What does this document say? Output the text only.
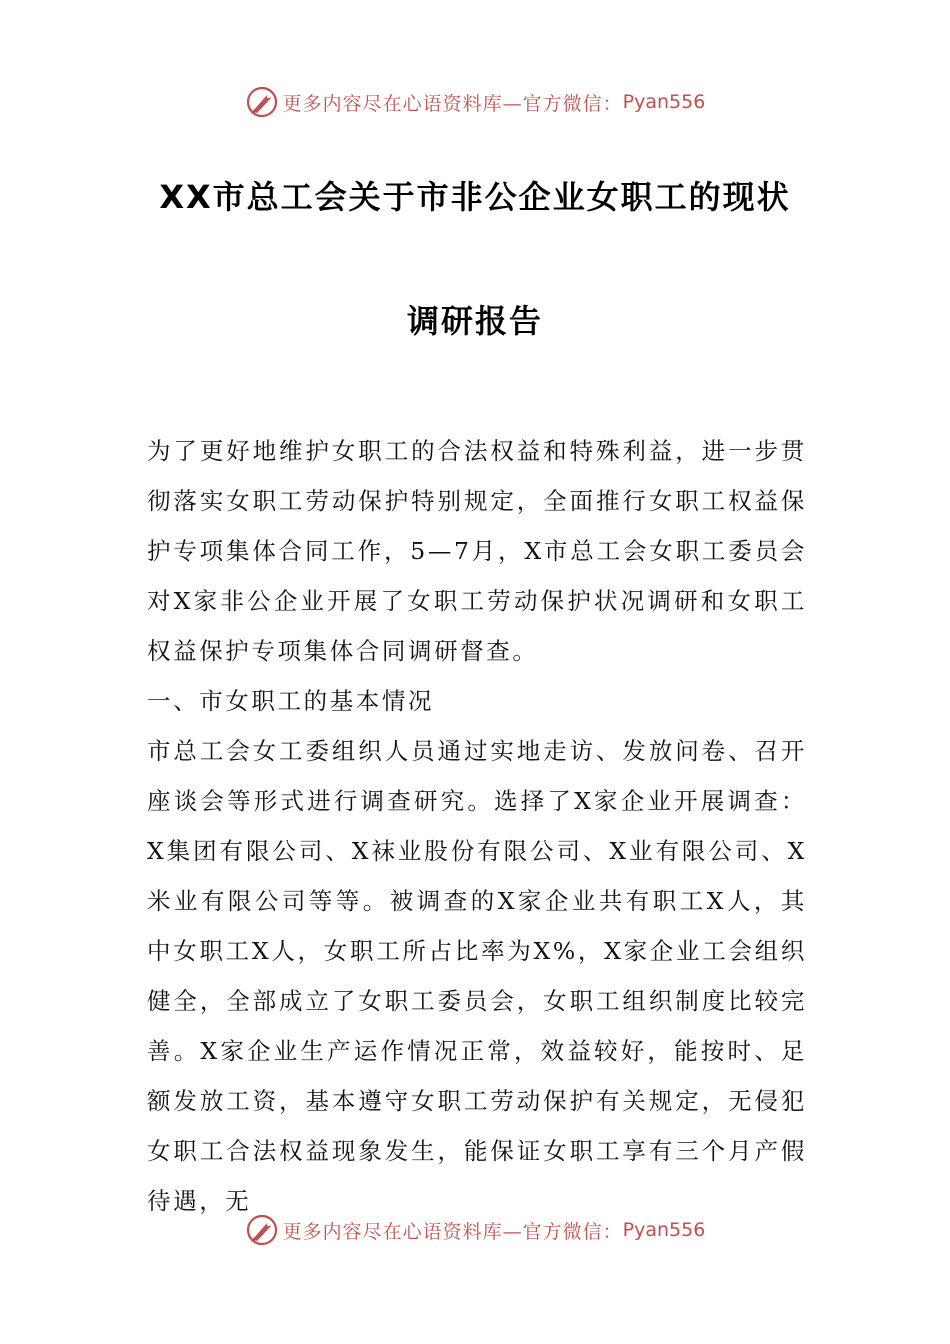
更多内容尽在心语资料库—官方微信： Pyan556
XX市总工会关于市非公企业女职工的现状
调研报告

为了更好地维护女职工的合法权益和特殊利益，进一步贯彻落实女职工劳动保护特别规定，全面推行女职工权益保护专项集体合同工作，5—7月，X市总工会女职工委员会对X家非公企业开展了女职工劳动保护状况调研和女职工权益保护专项集体合同调研督查。

一、市女职工的基本情况

市总工会女工委组织人员通过实地走访、发放问卷、召开座谈会等形式进行调查研究。选择了X家企业开展调查：X集团有限公司、X袜业股份有限公司、X业有限公司、X米业有限公司等等。被调查的X家企业共有职工X人，其中女职工X人，女职工所占比率为X%，X家企业工会组织健全，全部成立了女职工委员会，女职工组织制度比较完善。X家企业生产运作情况正常，效益较好，能按时、足额发放工资，基本遵守女职工劳动保护有关规定，无侵犯女职工合法权益现象发生，能保证女职工享有三个月产假待遇，无

更多内容尽在心语资料库—官方微信： Pyan556
